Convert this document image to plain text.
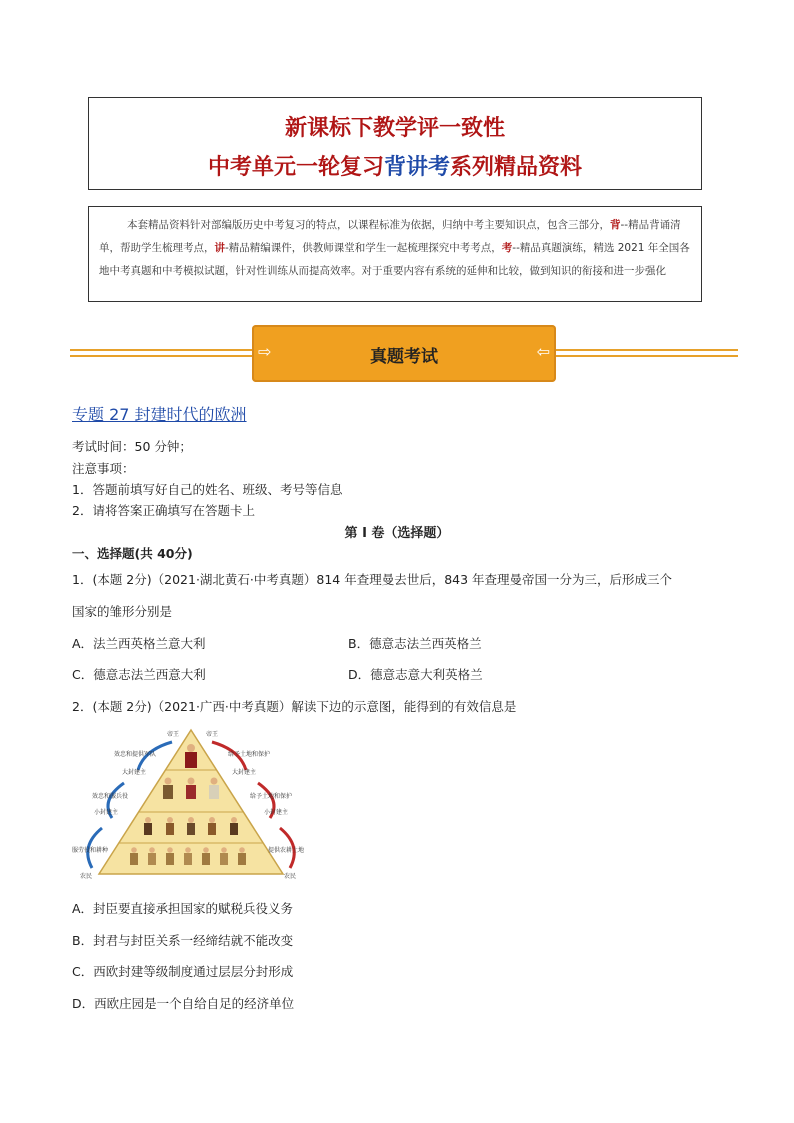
新课标下教学评一致性
中考单元一轮复习背讲考系列精品资料

本套精品资料针对部编版历史中考复习的特点，以课程标准为依据，归纳中考主要知识点，包含三部分，背--精品背诵清单，帮助学生梳理考点，讲-精品精编课件，供教师课堂和学生一起梳理探究中考考点，考--精品真题演练，精选 2021 年全国各地中考真题和中考模拟试题，针对性训练从而提高效率。对于重要内容有系统的延伸和比较，做到知识的衔接和进一步强化

⇨	真题考试	⇦
专题 27 封建时代的欧洲
考试时间：50 分钟；
注意事项：
1．答题前填写好自己的姓名、班级、考号等信息
2．请将答案正确填写在答题卡上
第 I 卷（选择题）
一、选择题(共 40分)
1．(本题 2分)（2021·湖北黄石·中考真题）814 年查理曼去世后，843 年查理曼帝国一分为三，后形成三个
国家的雏形分别是
A．法兰西英格兰意大利	B．德意志法兰西英格兰
C．德意志法兰西意大利	D．德意志意大利英格兰
2．(本题 2分)（2021·广西·中考真题）解读下边的示意图，能得到的有效信息是
帝王	帝王
大封建主	大封建主
小封建主	小封建主
农民	农民
效忠和提供军队
效忠和服兵役
服劳役和耕种
给予土地和保护
给予土地和保护
提供农耕土地
A．封臣要直接承担国家的赋税兵役义务
B．封君与封臣关系一经缔结就不能改变
C．西欧封建等级制度通过层层分封形成
D．西欧庄园是一个自给自足的经济单位
